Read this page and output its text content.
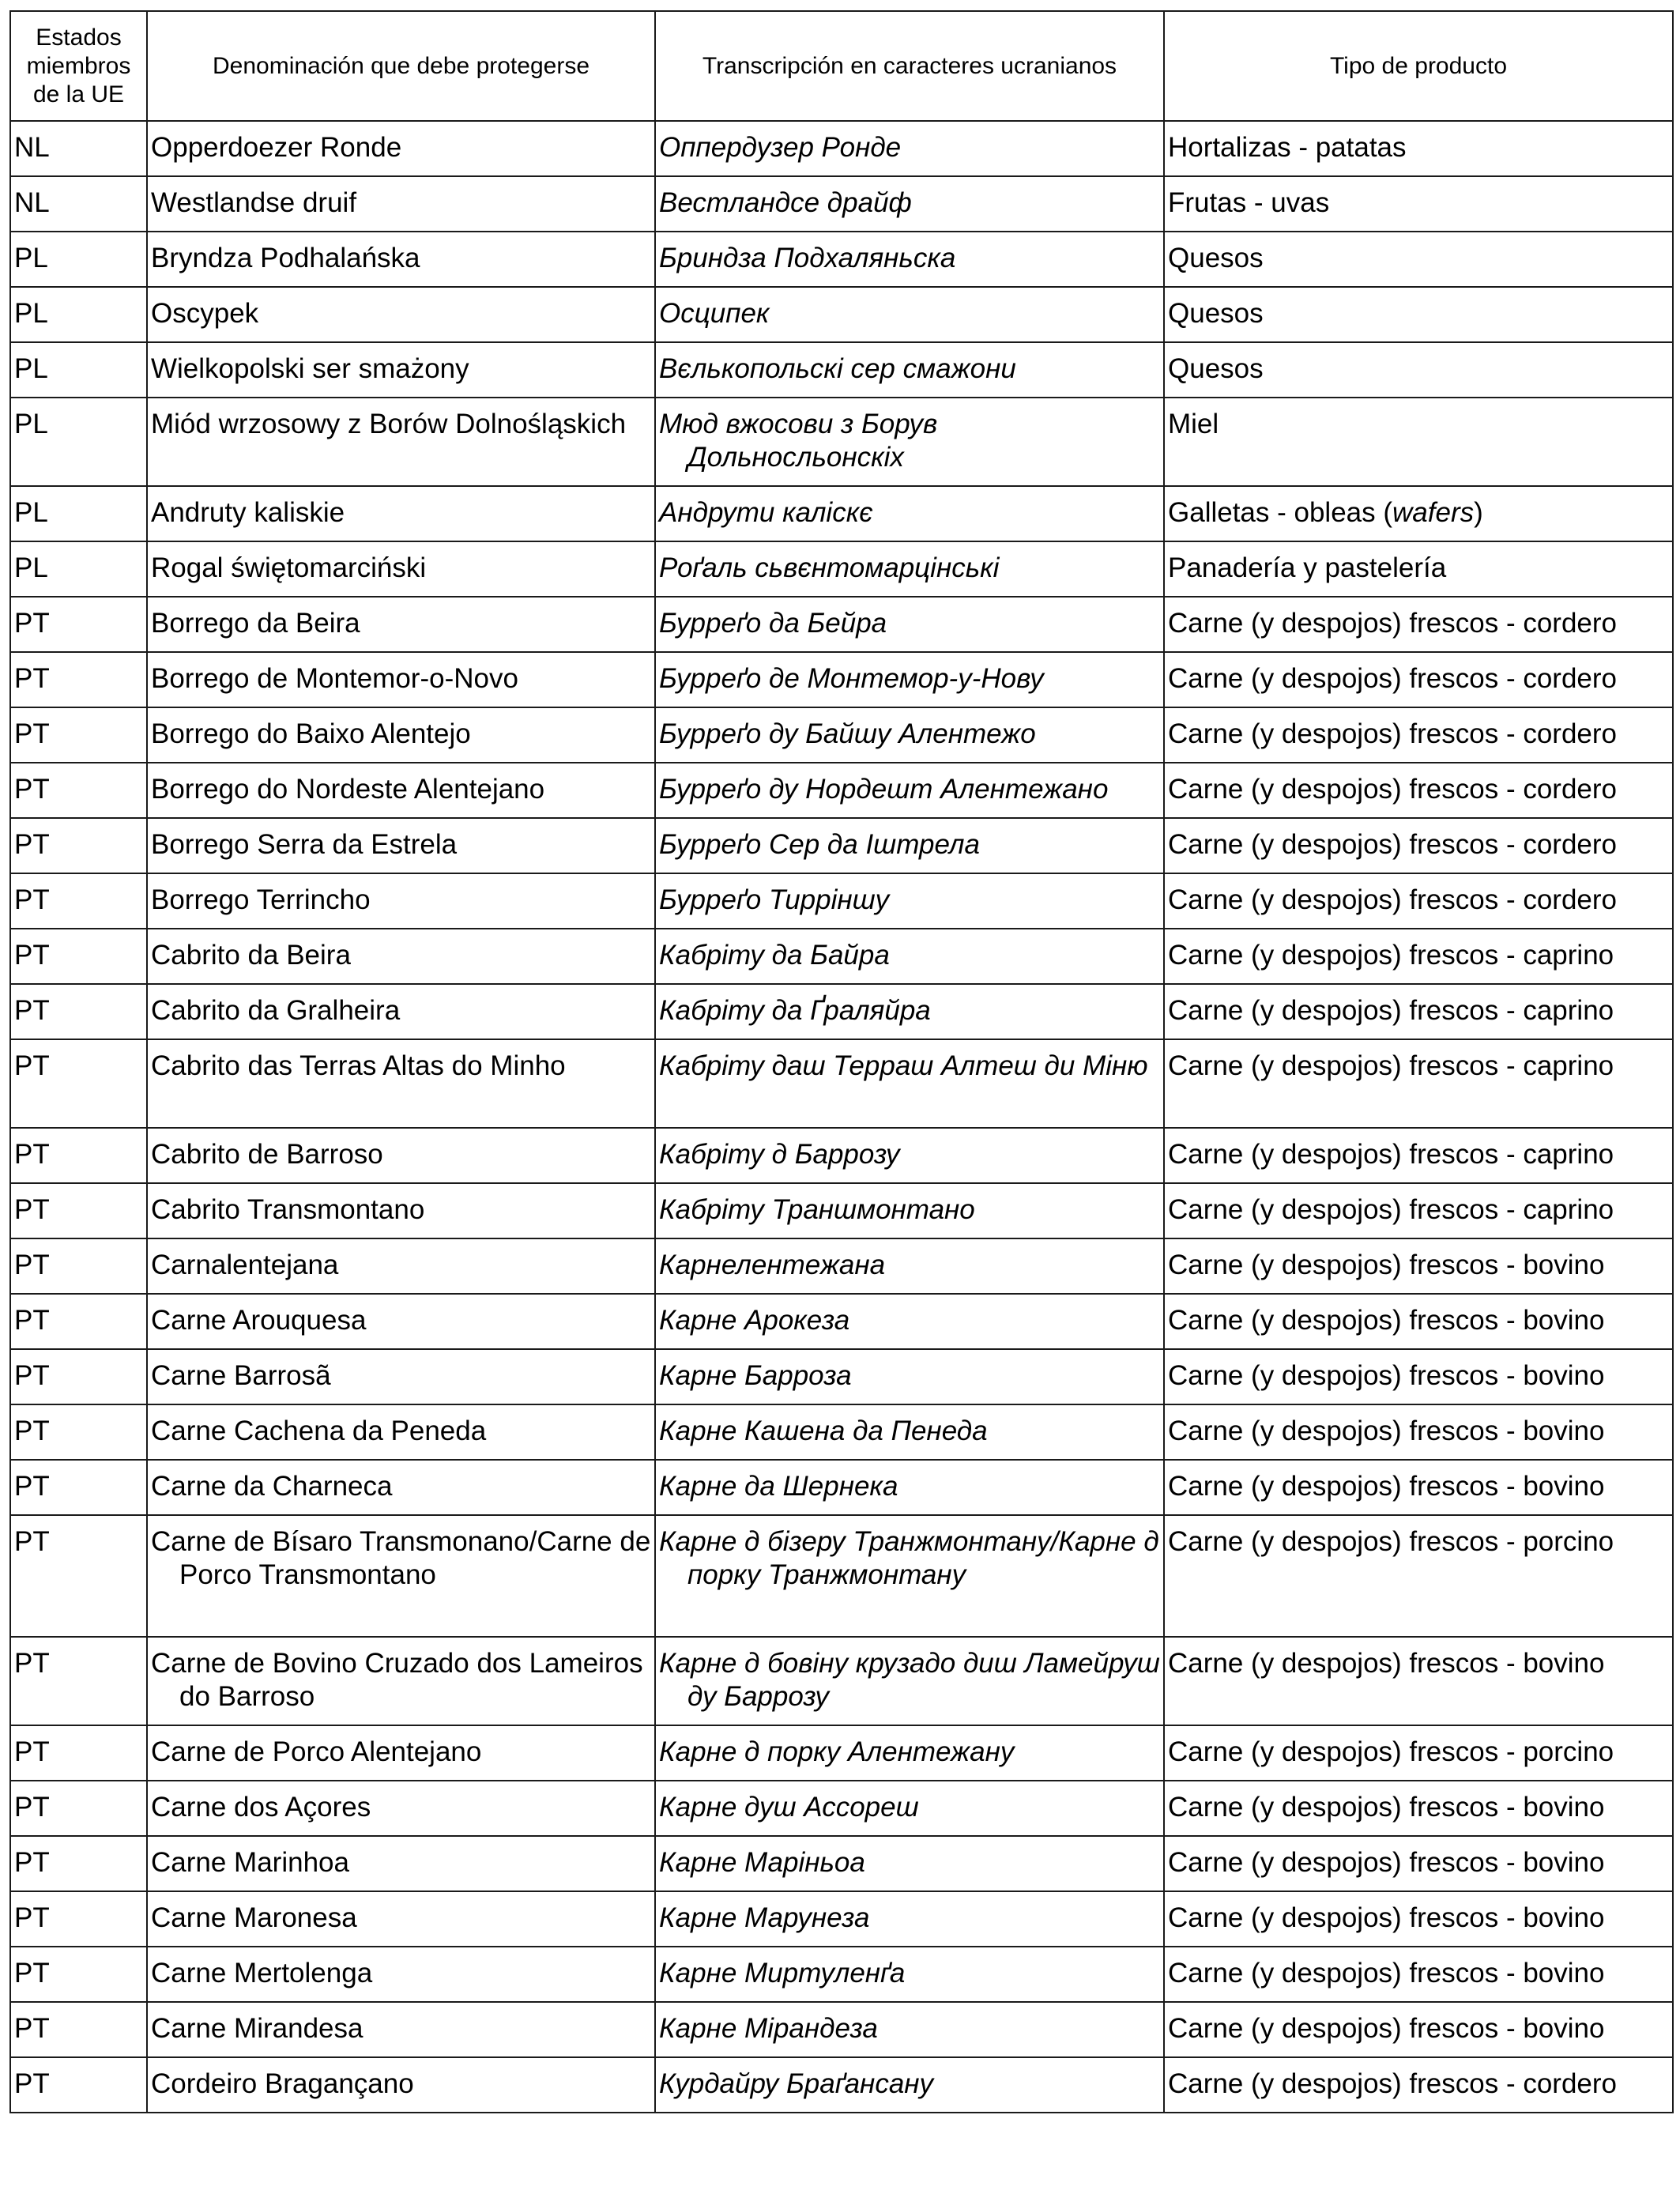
Estados miembros de la UE	Denominación que debe protegerse	Transcripción en caracteres ucranianos	Tipo de producto

NL	Opperdoezer Ronde	Оппердузер Ронде	Hortalizas - patatas

NL	Westlandse druif	Вестландсе драйф	Frutas - uvas

PL	Bryndza Podhalańska	Бриндза Подхаляньска	Quesos

PL	Oscypek	Осципек	Quesos

PL	Wielkopolski ser smażony	Вєлькопольскі сер смажони	Quesos

PL	Miód wrzosowy z Borów Dolnośląskich	Мюд вжосови з Борув Дольносльонскіх	Miel

PL	Andruty kaliskie	Андрути каліскє	Galletas - obleas (wafers)

PL	Rogal świętomarciński	Роґаль сьвєнтомарцінські	Panadería y pastelería

PT	Borrego da Beira	Бурреґо да Бейра	Carne (y despojos) frescos - cordero

PT	Borrego de Montemor-o-Novo	Бурреґо де Монтемор-у-Нову	Carne (y despojos) frescos - cordero

PT	Borrego do Baixo Alentejo	Бурреґо ду Байшу Алентежо	Carne (y despojos) frescos - cordero

PT	Borrego do Nordeste Alentejano	Бурреґо ду Нордешт Алентежано	Carne (y despojos) frescos - cordero

PT	Borrego Serra da Estrela	Бурреґо Сер да Іштрела	Carne (y despojos) frescos - cordero

PT	Borrego Terrincho	Бурреґо Тирріншу	Carne (y despojos) frescos - cordero

PT	Cabrito da Beira	Кабріту да Байра	Carne (y despojos) frescos - caprino

PT	Cabrito da Gralheira	Кабріту да Ґраляйра	Carne (y despojos) frescos - caprino

PT	Cabrito das Terras Altas do Minho	Кабріту даш Терраш Алтеш ди Міню	Carne (y despojos) frescos - caprino

PT	Cabrito de Barroso	Кабріту д Баррозу	Carne (y despojos) frescos - caprino

PT	Cabrito Transmontano	Кабріту Траншмонтано	Carne (y despojos) frescos - caprino

PT	Carnalentejana	Карнелентежана	Carne (y despojos) frescos - bovino

PT	Carne Arouquesa	Карне Арокеза	Carne (y despojos) frescos - bovino

PT	Carne Barrosã	Карне Барроза	Carne (y despojos) frescos - bovino

PT	Carne Cachena da Peneda	Карне Кашена да Пенеда	Carne (y despojos) frescos - bovino

PT	Carne da Charneca	Карне да Шернека	Carne (y despojos) frescos - bovino

PT	Carne de Bísaro Transmonano/Carne de Porco Transmontano	Карне д бізеру Транжмонтану/Карне д порку Транжмонтану	Carne (y despojos) frescos - porcino

PT	Carne de Bovino Cruzado dos Lameiros do Barroso	Карне д бовіну крузадо диш Ламейруш ду Баррозу	Carne (y despojos) frescos - bovino

PT	Carne de Porco Alentejano	Карне д порку Алентежану	Carne (y despojos) frescos - porcino

PT	Carne dos Açores	Карне душ Ассореш	Carne (y despojos) frescos - bovino

PT	Carne Marinhoa	Карне Маріньоа	Carne (y despojos) frescos - bovino

PT	Carne Maronesa	Карне Марунеза	Carne (y despojos) frescos - bovino

PT	Carne Mertolenga	Карне Миртуленґа	Carne (y despojos) frescos - bovino

PT	Carne Mirandesa	Карне Мірандеза	Carne (y despojos) frescos - bovino

PT	Cordeiro Bragançano	Курдайру Браґансану	Carne (y despojos) frescos - cordero
